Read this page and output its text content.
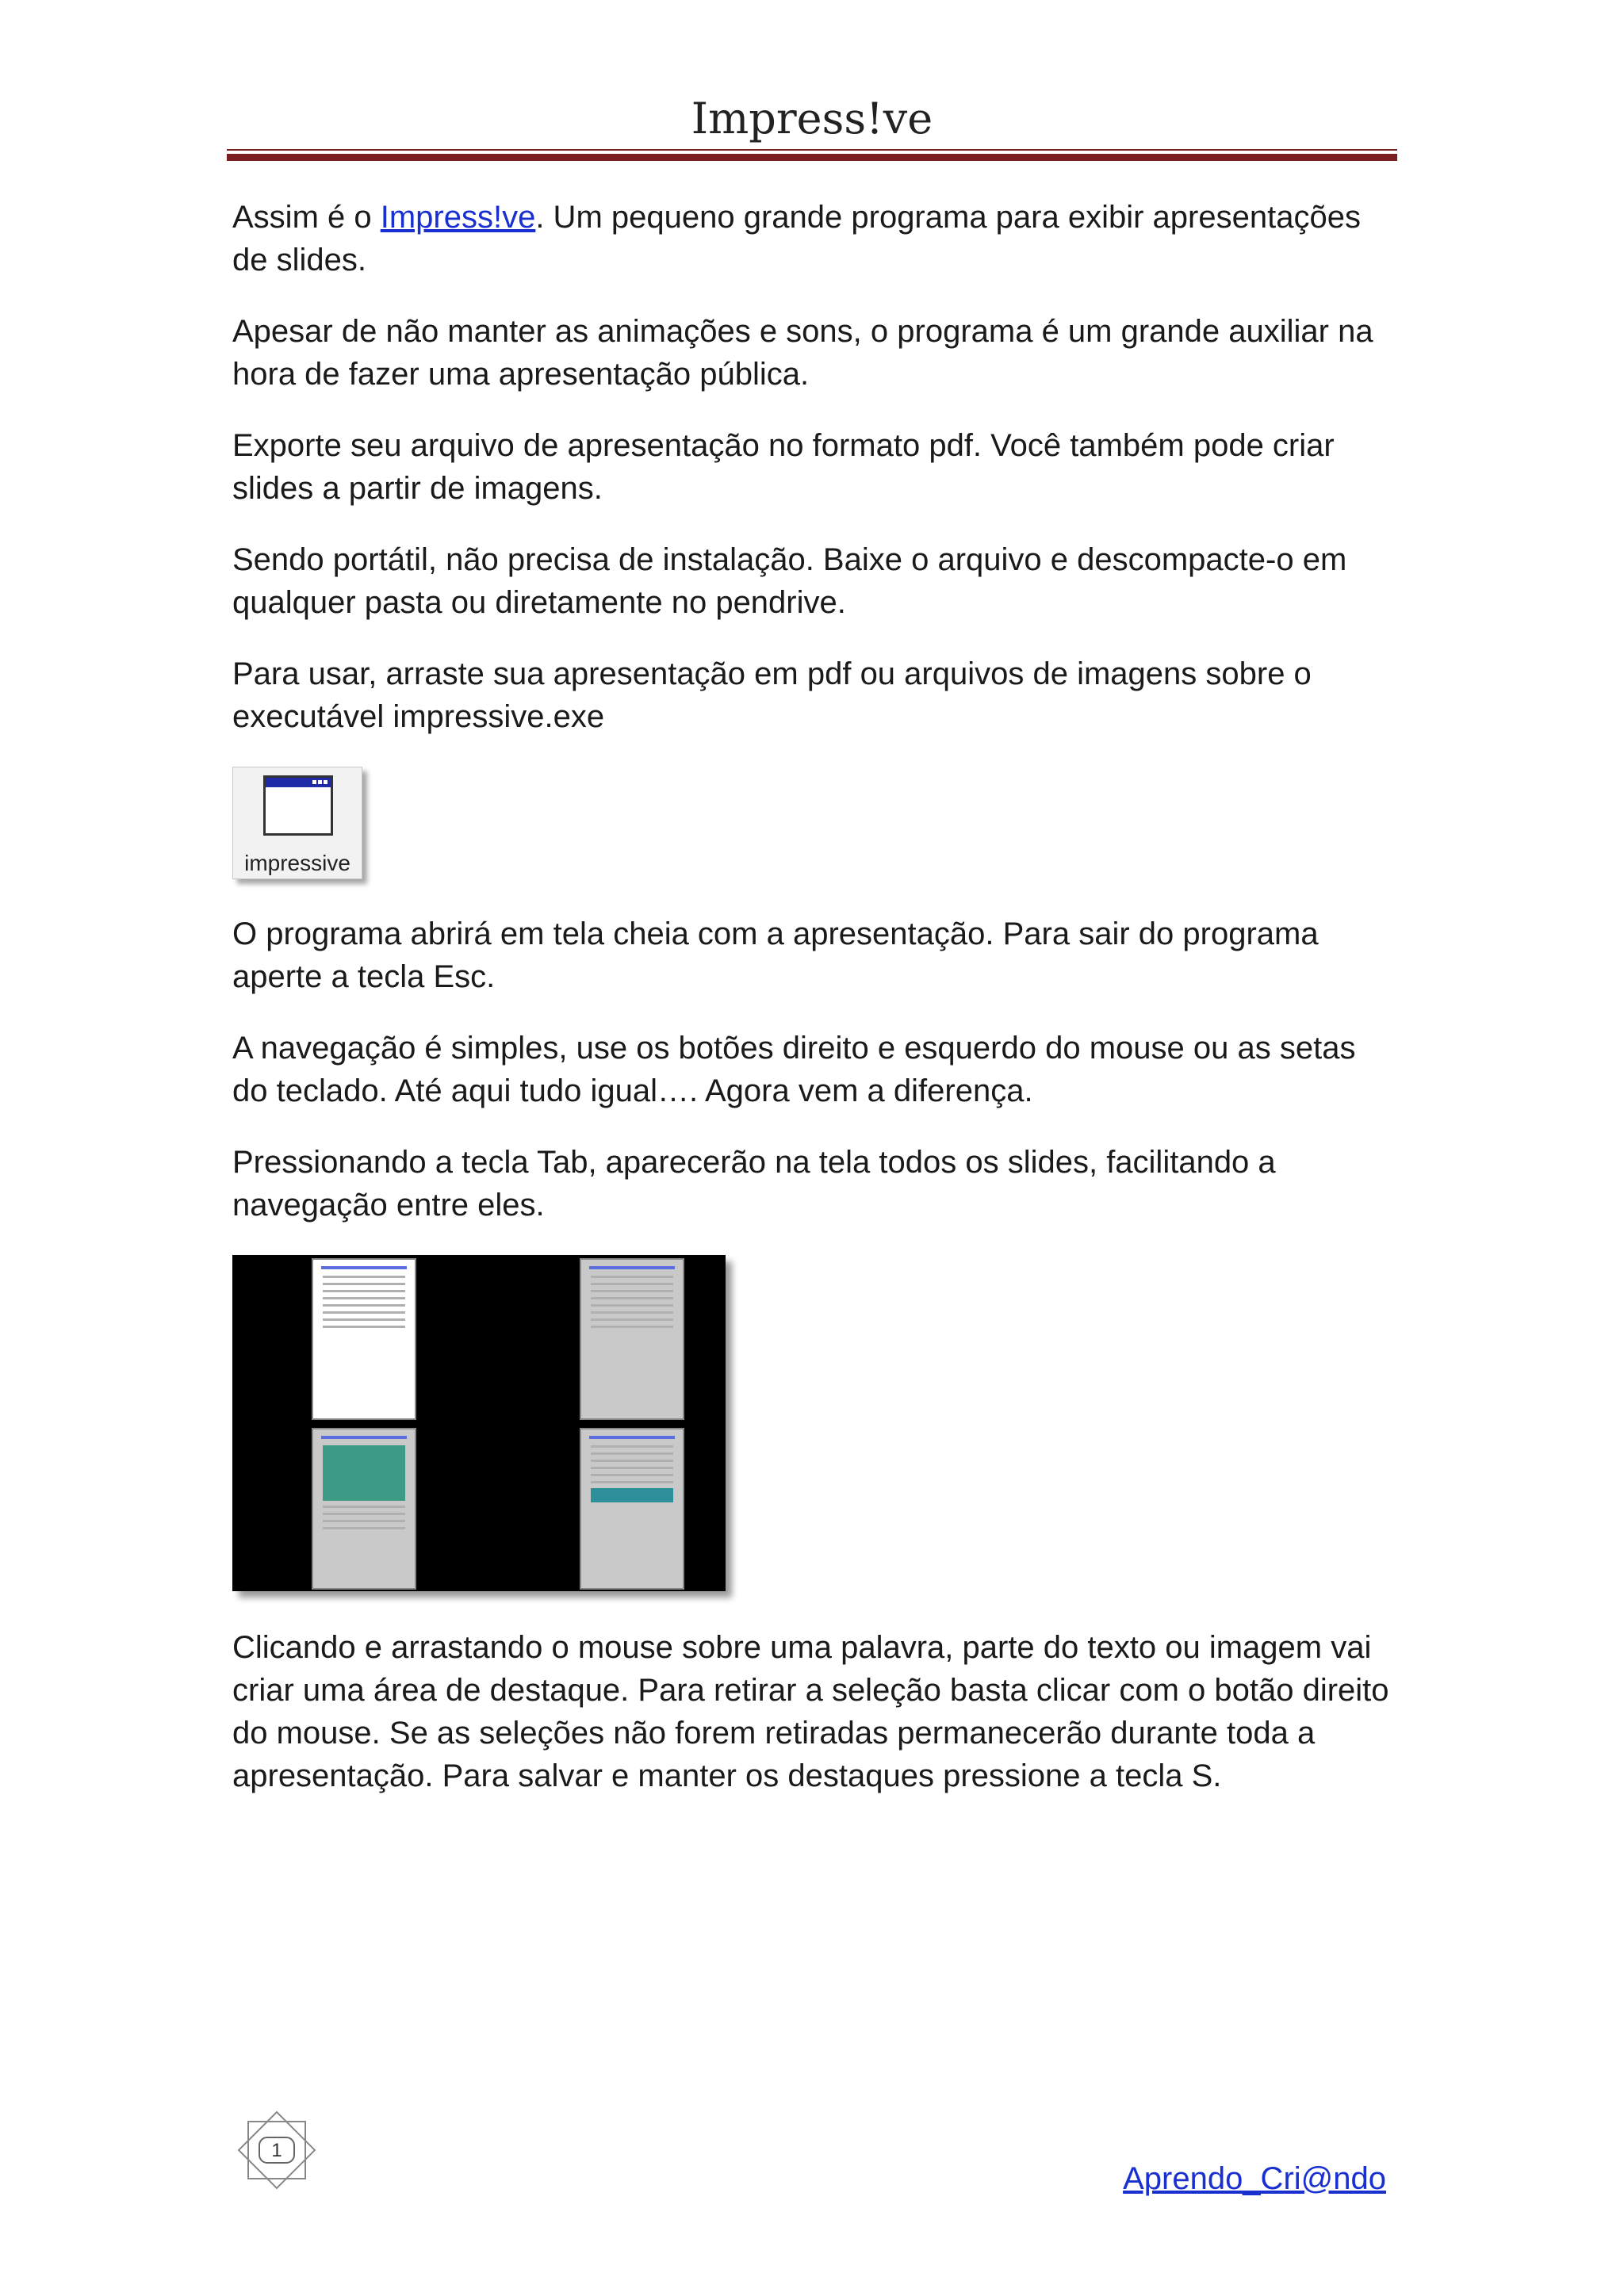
Impress!ve

Assim é o Impress!ve. Um pequeno grande programa para exibir apresentações de slides.

Apesar de não manter as animações e sons, o programa é um grande auxiliar na hora de fazer uma apresentação pública.

Exporte seu arquivo de apresentação no formato pdf. Você também pode criar slides a partir de imagens.

Sendo portátil, não precisa de instalação. Baixe o arquivo e descompacte-o em qualquer pasta ou diretamente no pendrive.

Para usar, arraste sua apresentação em pdf ou arquivos de imagens sobre o executável impressive.exe

impressive

O programa abrirá em tela cheia com a apresentação. Para sair do programa aperte a tecla Esc.

A navegação é simples, use os botões direito e esquerdo do mouse ou as setas do teclado. Até aqui tudo igual…. Agora vem a diferença.

Pressionando a tecla Tab, aparecerão na tela todos os slides, facilitando a navegação entre eles.

Clicando e arrastando o mouse sobre uma palavra, parte do texto ou imagem vai criar uma área de destaque. Para retirar a seleção basta clicar com o botão direito do mouse. Se as seleções não forem retiradas permanecerão durante toda a apresentação. Para salvar e manter os destaques pressione a tecla S.

1
Aprendo_Cri@ndo
